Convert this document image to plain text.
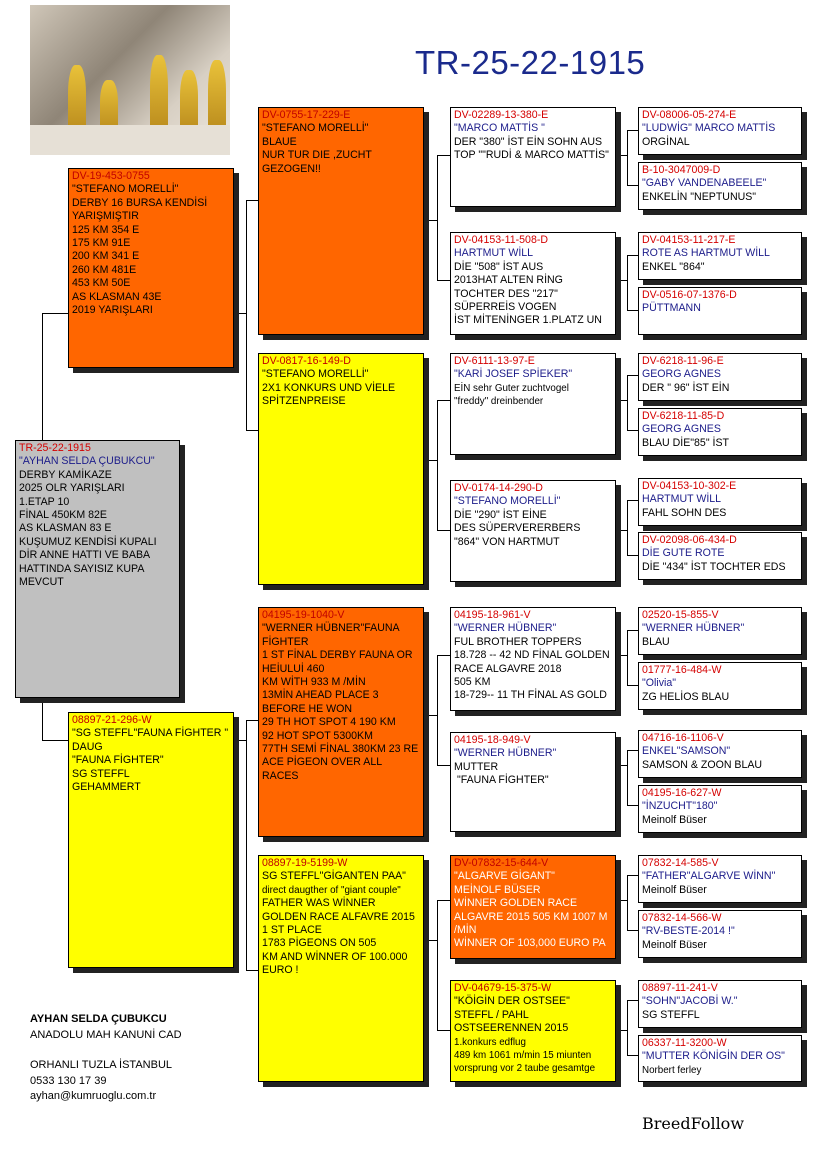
TR-25-22-1915
TR-25-22-1915
"AYHAN SELDA ÇUBUKCU"
DERBY KAMİKAZE
2025 OLR YARIŞLARI
1.ETAP 10
FİNAL 450KM 82E
AS KLASMAN 83 E
KUŞUMUZ KENDİSİ KUPALI DİR ANNE HATTI VE BABA HATTINDA SAYISIZ KUPA MEVCUT
DV-19-453-0755
"STEFANO MORELLİ"
DERBY 16 BURSA KENDİSİ YARIŞMIŞTIR
125 KM 354 E
175 KM 91E
200 KM 341 E
260 KM 481E
453 KM 50E
AS KLASMAN 43E
2019 YARIŞLARI
08897-21-296-W
"SG STEFFL"FAUNA FİGHTER "
DAUG
"FAUNA FİGHTER"
SG STEFFL
GEHAMMERT
DV-0755-17-229-E
"STEFANO MORELLİ"
BLAUE
NUR TUR DIE ,ZUCHT GEZOGEN!!
DV-0817-16-149-D
"STEFANO MORELLİ"
2X1 KONKURS UND VİELE SPİTZENPREISE
04195-19-1040-V
"WERNER HÜBNER"FAUNA FİGHTER
1 ST FİNAL DERBY FAUNA OR HEİULUİ 460
KM WİTH 933 M /MİN
13MİN AHEAD PLACE 3 BEFORE HE WON
29 TH HOT SPOT 4 190 KM
92 HOT SPOT 5300KM
77TH SEMİ FİNAL 380KM 23 RE ACE PİGEON OVER ALL RACES
08897-19-5199-W
SG STEFFL"GİGANTEN PAA"
direct daugther of "giant couple"
FATHER WAS WİNNER GOLDEN RACE ALFAVRE 2015 1 ST PLACE
1783 PİGEONS ON 505
KM AND WİNNER OF 100.000 EURO !
DV-02289-13-380-E
"MARCO MATTİS "
DER "380" İST EİN SOHN AUS TOP ""RUDİ & MARCO MATTİS"
DV-04153-11-508-D
HARTMUT WİLL
DİE "508" İST AUS
2013HAT ALTEN RİNG
TOCHTER DES "217"
SÜPERREİS VOGEN
İST MİTENİNGER 1.PLATZ UN
DV-6111-13-97-E
"KARİ JOSEF SPİEKER"
EİN sehr Guter zuchtvogel
"freddy" dreinbender
DV-0174-14-290-D
"STEFANO MORELLİ"
DİE "290" İST EİNE
DES SÜPERVERERBERS
"864" VON HARTMUT
04195-18-961-V
"WERNER HÜBNER"
FUL BROTHER TOPPERS
18.728 -- 42 ND FİNAL GOLDEN RACE ALGAVRE 2018
505 KM
18-729-- 11 TH FİNAL AS GOLD
04195-18-949-V
"WERNER HÜBNER"
MUTTER
"FAUNA FİGHTER"
DV-07832-15-644-V
"ALGARVE GİGANT"
MEİNOLF BÜSER
WİNNER GOLDEN RACE ALGAVRE 2015 505 KM 1007 M /MİN
WİNNER OF 103,000 EURO PA
DV-04679-15-375-W
"KÖİGİN DER OSTSEE"
STEFFL / PAHL
OSTSEERENNEN 2015
1.konkurs edflug
489 km 1061 m/min 15 miunten vorsprung vor 2 taube gesamtge
DV-08006-05-274-E
"LUDWİG" MARCO MATTİS
ORGİNAL
B-10-3047009-D
"GABY VANDENABEELE"
ENKELİN "NEPTUNUS"
DV-04153-11-217-E
ROTE AS HARTMUT WİLL
ENKEL "864"
DV-0516-07-1376-D
PÜTTMANN
DV-6218-11-96-E
GEORG AGNES
DER " 96" İST EİN
DV-6218-11-85-D
GEORG AGNES
BLAU DİE"85" İST
DV-04153-10-302-E
HARTMUT WİLL
FAHL SOHN DES
DV-02098-06-434-D
DİE GUTE ROTE
DİE "434" İST TOCHTER EDS
02520-15-855-V
"WERNER HÜBNER"
BLAU
01777-16-484-W
"Olivia"
ZG HELİOS BLAU
04716-16-1106-V
ENKEL"SAMSON"
SAMSON & ZOON BLAU
04195-16-627-W
"İNZUCHT"180"
Meinolf Büser
07832-14-585-V
"FATHER"ALGARVE WİNN"
Meinolf Büser
07832-14-566-W
"RV-BESTE-2014 !"
Meinolf Büser
08897-11-241-V
"SOHN"JACOBİ W."
SG STEFFL
06337-11-3200-W
"MUTTER KÖNİGİN DER OS"
Norbert ferley
AYHAN SELDA ÇUBUKCU
ANADOLU MAH KANUNİ CAD
ORHANLI TUZLA İSTANBUL
0533 130 17 39
ayhan@kumruoglu.com.tr
BreedFollow
